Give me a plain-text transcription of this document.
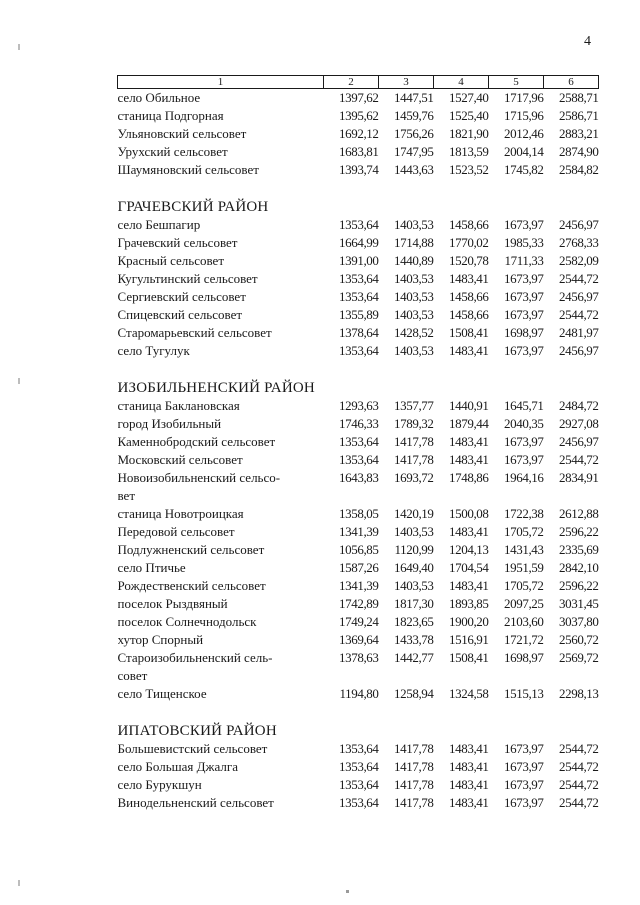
4
1	2	3	4	5	6
село Обильное	1397,62	1447,51	1527,40	1717,96	2588,71
станица Подгорная	1395,62	1459,76	1525,40	1715,96	2586,71
Ульяновский сельсовет	1692,12	1756,26	1821,90	2012,46	2883,21
Урухский сельсовет	1683,81	1747,95	1813,59	2004,14	2874,90
Шаумяновский сельсовет	1393,74	1443,63	1523,52	1745,82	2584,82

ГРАЧЕВСКИЙ РАЙОН					
село Бешпагир	1353,64	1403,53	1458,66	1673,97	2456,97
Грачевский сельсовет	1664,99	1714,88	1770,02	1985,33	2768,33
Красный сельсовет	1391,00	1440,89	1520,78	1711,33	2582,09
Кугультинский сельсовет	1353,64	1403,53	1483,41	1673,97	2544,72
Сергиевский сельсовет	1353,64	1403,53	1458,66	1673,97	2456,97
Спицевский сельсовет	1355,89	1403,53	1458,66	1673,97	2544,72
Старомарьевский сельсовет	1378,64	1428,52	1508,41	1698,97	2481,97
село Тугулук	1353,64	1403,53	1483,41	1673,97	2456,97

ИЗОБИЛЬНЕНСКИЙ РАЙОН					
станица Баклановская	1293,63	1357,77	1440,91	1645,71	2484,72
город Изобильный	1746,33	1789,32	1879,44	2040,35	2927,08
Каменнобродский сельсовет	1353,64	1417,78	1483,41	1673,97	2456,97
Московский сельсовет	1353,64	1417,78	1483,41	1673,97	2544,72
Новоизобильненский сельсо-
вет	1643,83	1693,72	1748,86	1964,16	2834,91
станица Новотроицкая	1358,05	1420,19	1500,08	1722,38	2612,88
Передовой сельсовет	1341,39	1403,53	1483,41	1705,72	2596,22
Подлужненский сельсовет	1056,85	1120,99	1204,13	1431,43	2335,69
село Птичье	1587,26	1649,40	1704,54	1951,59	2842,10
Рождественский сельсовет	1341,39	1403,53	1483,41	1705,72	2596,22
поселок Рыздвяный	1742,89	1817,30	1893,85	2097,25	3031,45
поселок Солнечнодольск	1749,24	1823,65	1900,20	2103,60	3037,80
хутор Спорный	1369,64	1433,78	1516,91	1721,72	2560,72
Староизобильненский сель-
совет	1378,63	1442,77	1508,41	1698,97	2569,72
село Тищенское	1194,80	1258,94	1324,58	1515,13	2298,13

ИПАТОВСКИЙ РАЙОН					
Большевистский сельсовет	1353,64	1417,78	1483,41	1673,97	2544,72
село Большая Джалга	1353,64	1417,78	1483,41	1673,97	2544,72
село Бурукшун	1353,64	1417,78	1483,41	1673,97	2544,72
Винодельненский сельсовет	1353,64	1417,78	1483,41	1673,97	2544,72
